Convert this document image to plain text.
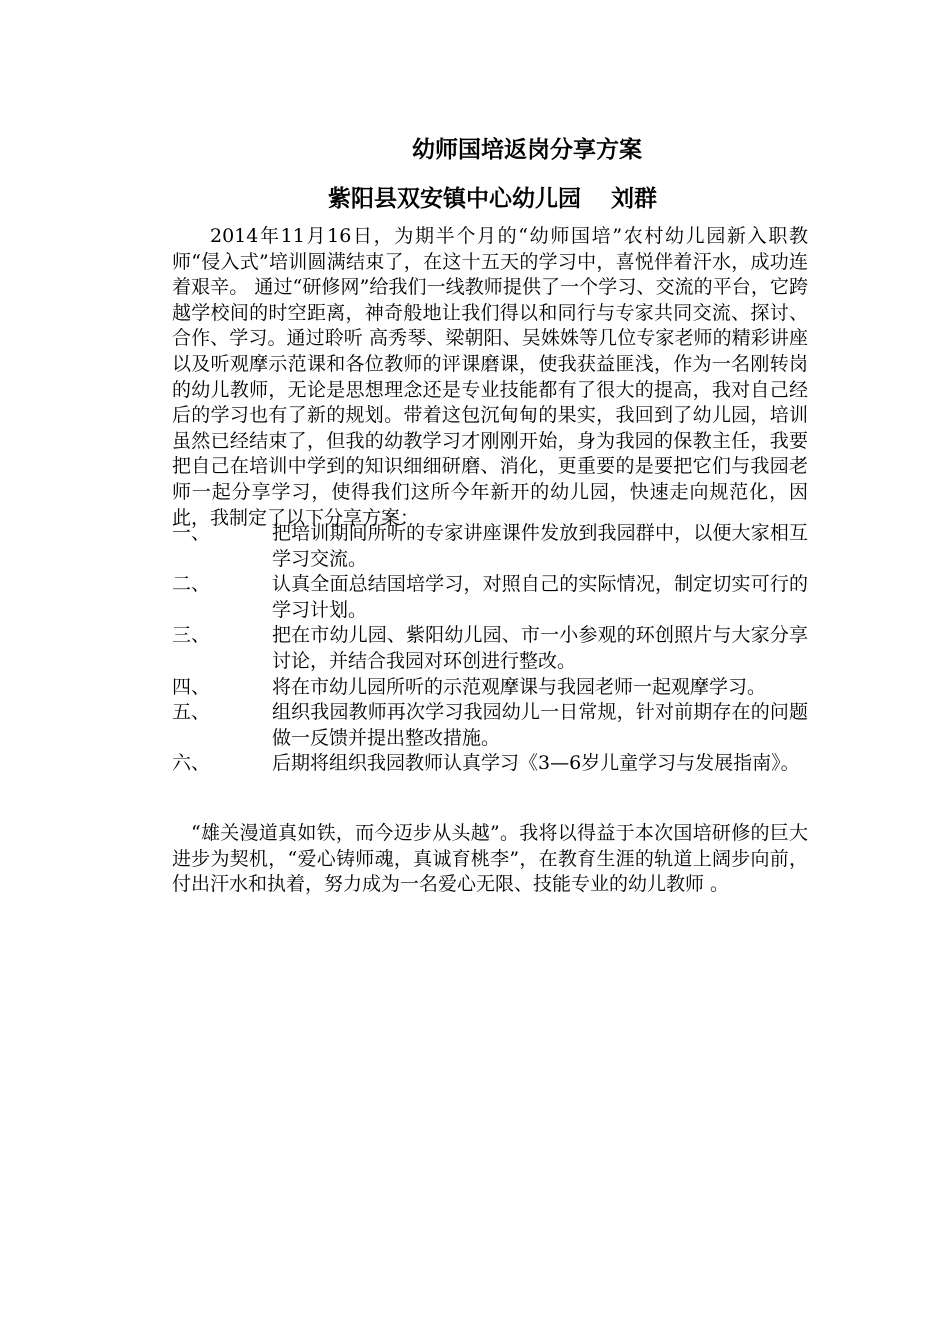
幼师国培返岗分享方案
紫阳县双安镇中心幼儿园 刘群

2014年11月16日，为期半个月的“幼师国培”农村幼儿园新入职教师“侵入式”培训圆满结束了，在这十五天的学习中，喜悦伴着汗水，成功连着艰辛。 通过“研修网”给我们一线教师提供了一个学习、交流的平台，它跨越学校间的时空距离，神奇般地让我们得以和同行与专家共同交流、探讨、合作、学习。通过聆听 高秀琴、梁朝阳、吴姝姝等几位专家老师的精彩讲座以及听观摩示范课和各位教师的评课磨课，使我获益匪浅，作为一名刚转岗的幼儿教师，无论是思想理念还是专业技能都有了很大的提高，我对自己经后的学习也有了新的规划。带着这包沉甸甸的果实，我回到了幼儿园，培训虽然已经结束了，但我的幼教学习才刚刚开始，身为我园的保教主任，我要把自己在培训中学到的知识细细研磨、消化，更重要的是要把它们与我园老师一起分享学习，使得我们这所今年新开的幼儿园，快速走向规范化，因此，我制定了以下分享方案：

一、	把培训期间所听的专家讲座课件发放到我园群中，以便大家相互学习交流。
二、	认真全面总结国培学习，对照自己的实际情况，制定切实可行的学习计划。
三、	把在市幼儿园、紫阳幼儿园、市一小参观的环创照片与大家分享讨论，并结合我园对环创进行整改。
四、	将在市幼儿园所听的示范观摩课与我园老师一起观摩学习。
五、	组织我园教师再次学习我园幼儿一日常规，针对前期存在的问题做一反馈并提出整改措施。
六、	后期将组织我园教师认真学习《3—6岁儿童学习与发展指南》。

“雄关漫道真如铁，而今迈步从头越”。我将以得益于本次国培研修的巨大进步为契机，“爱心铸师魂，真诚育桃李”，在教育生涯的轨道上阔步向前，付出汗水和执着，努力成为一名爱心无限、技能专业的幼儿教师 。
